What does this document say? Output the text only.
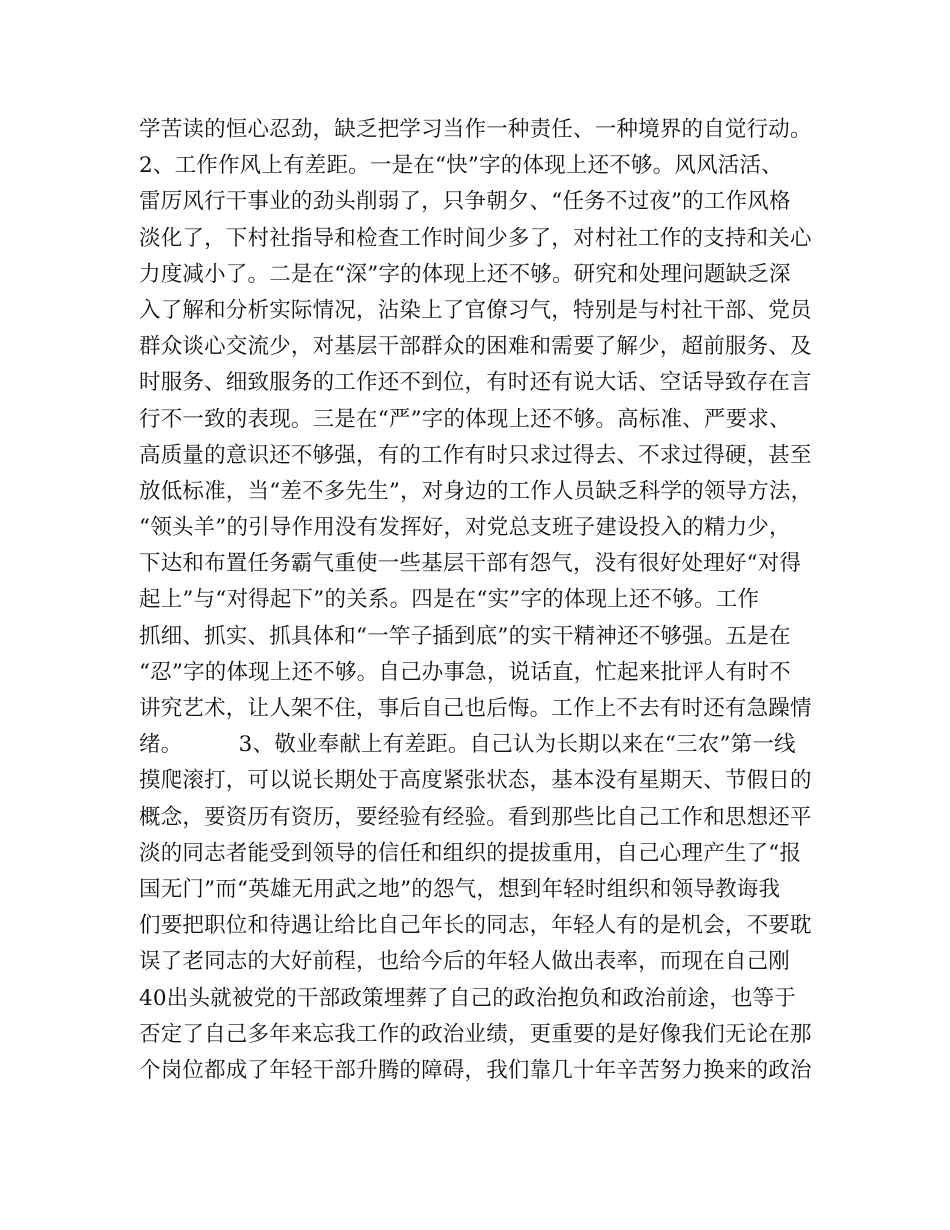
学苦读的恒心忍劲，缺乏把学习当作一种责任、一种境界的自觉行动。
2、工作作风上有差距。一是在“快”字的体现上还不够。风风活活、
雷厉风行干事业的劲头削弱了，只争朝夕、“任务不过夜”的工作风格
淡化了，下村社指导和检查工作时间少多了，对村社工作的支持和关心
力度减小了。二是在“深”字的体现上还不够。研究和处理问题缺乏深
入了解和分析实际情况，沾染上了官僚习气，特别是与村社干部、党员
群众谈心交流少，对基层干部群众的困难和需要了解少，超前服务、及
时服务、细致服务的工作还不到位，有时还有说大话、空话导致存在言
行不一致的表现。三是在“严”字的体现上还不够。高标准、严要求、
高质量的意识还不够强，有的工作有时只求过得去、不求过得硬，甚至
放低标准，当“差不多先生”，对身边的工作人员缺乏科学的领导方法，
“领头羊”的引导作用没有发挥好，对党总支班子建设投入的精力少，
下达和布置任务霸气重使一些基层干部有怨气，没有很好处理好“对得
起上”与“对得起下”的关系。四是在“实”字的体现上还不够。工作
抓细、抓实、抓具体和“一竿子插到底”的实干精神还不够强。五是在
“忍”字的体现上还不够。自己办事急，说话直，忙起来批评人有时不
讲究艺术，让人架不住，事后自己也后悔。工作上不去有时还有急躁情
绪。        3、敬业奉献上有差距。自己认为长期以来在“三农”第一线
摸爬滚打，可以说长期处于高度紧张状态，基本没有星期天、节假日的
概念，要资历有资历，要经验有经验。看到那些比自己工作和思想还平
淡的同志者能受到领导的信任和组织的提拔重用，自己心理产生了“报
国无门”而“英雄无用武之地”的怨气，想到年轻时组织和领导教诲我
们要把职位和待遇让给比自己年长的同志，年轻人有的是机会，不要耽
误了老同志的大好前程，也给今后的年轻人做出表率，而现在自己刚
40出头就被党的干部政策埋葬了自己的政治抱负和政治前途，也等于
否定了自己多年来忘我工作的政治业绩，更重要的是好像我们无论在那
个岗位都成了年轻干部升腾的障碍，我们靠几十年辛苦努力换来的政治
